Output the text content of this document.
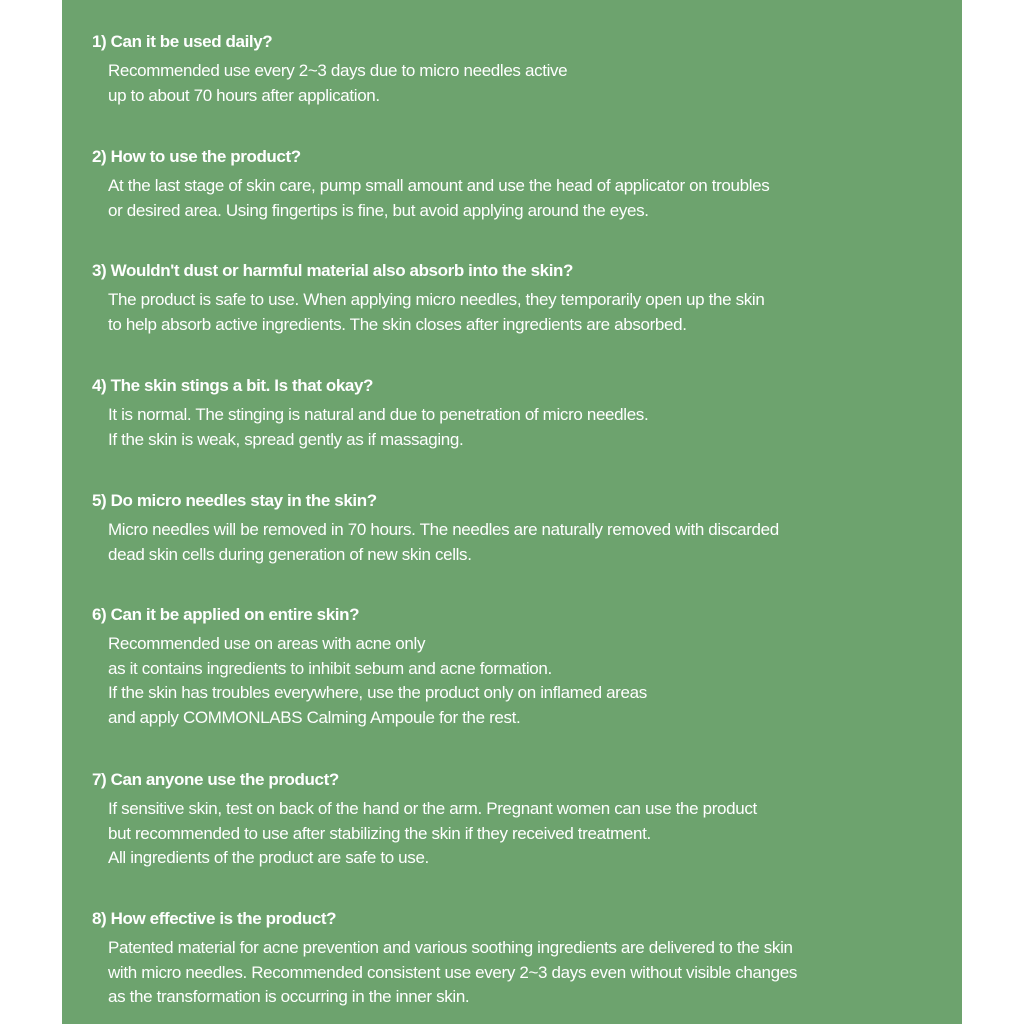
1) Can it be used daily?
Recommended use every 2~3 days due to micro needles active
up to about 70 hours after application.
2) How to use the product?
At the last stage of skin care, pump small amount and use the head of applicator on troubles
or desired area. Using fingertips is fine, but avoid applying around the eyes.
3) Wouldn't dust or harmful material also absorb into the skin?
The product is safe to use. When applying micro needles, they temporarily open up the skin
to help absorb active ingredients. The skin closes after ingredients are absorbed.
4) The skin stings a bit. Is that okay?
It is normal. The stinging is natural and due to penetration of micro needles.
If the skin is weak, spread gently as if massaging.
5) Do micro needles stay in the skin?
Micro needles will be removed in 70 hours. The needles are naturally removed with discarded
dead skin cells during generation of new skin cells.
6) Can it be applied on entire skin?
Recommended use on areas with acne only
as it contains ingredients to inhibit sebum and acne formation.
If the skin has troubles everywhere, use the product only on inflamed areas
and apply COMMONLABS Calming Ampoule for the rest.
7) Can anyone use the product?
If sensitive skin, test on back of the hand or the arm. Pregnant women can use the product
but recommended to use after stabilizing the skin if they received treatment.
All ingredients of the product are safe to use.
8) How effective is the product?
Patented material for acne prevention and various soothing ingredients are delivered to the skin
with micro needles. Recommended consistent use every 2~3 days even without visible changes
as the transformation is occurring in the inner skin.
